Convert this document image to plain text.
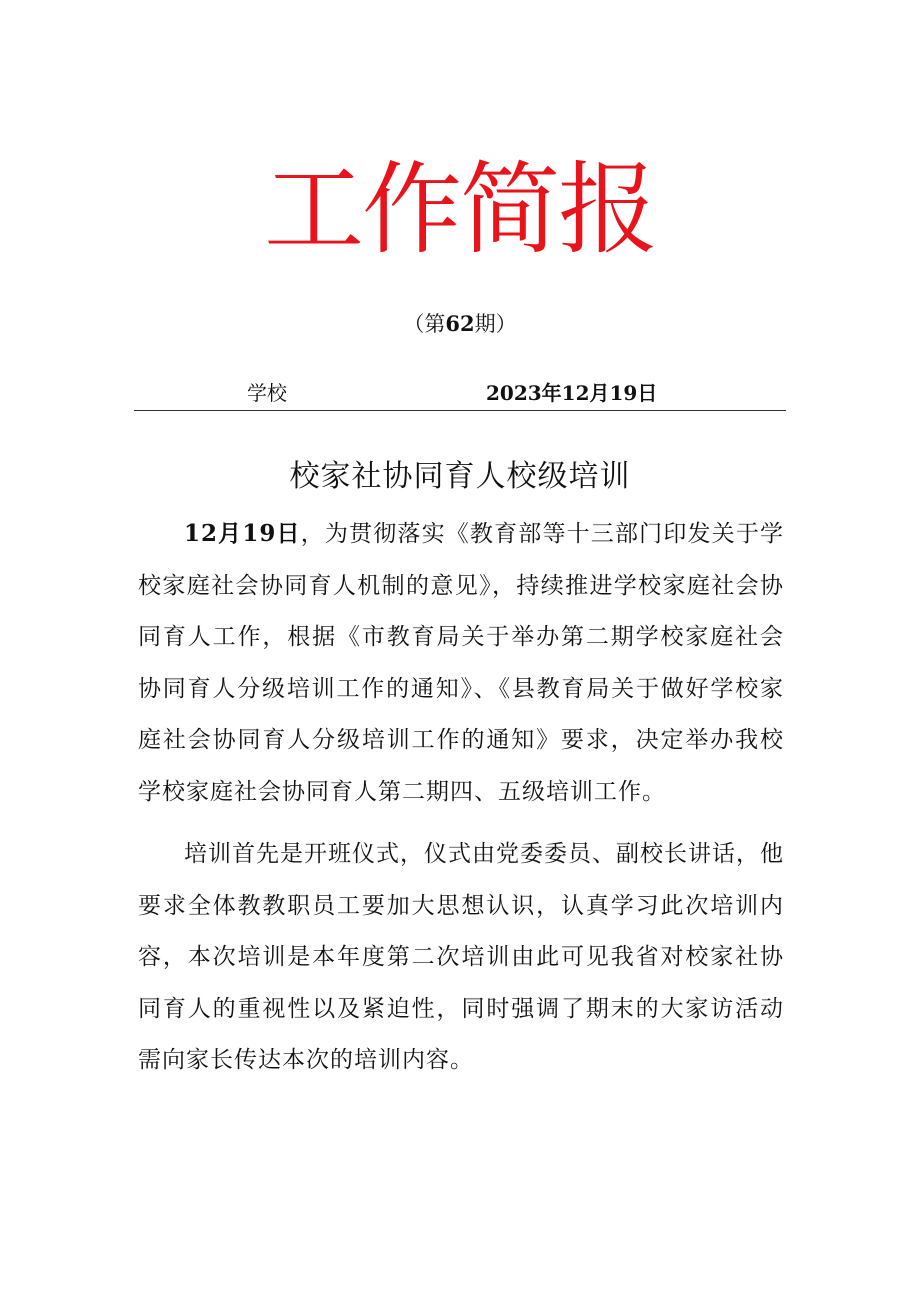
工作简报
（第62期）
学校	2023年12月19日
校家社协同育人校级培训

12月19日，为贯彻落实《教育部等十三部门印发关于学校家庭社会协同育人机制的意见》，持续推进学校家庭社会协同育人工作，根据《市教育局关于举办第二期学校家庭社会协同育人分级培训工作的通知》、《县教育局关于做好学校家庭社会协同育人分级培训工作的通知》要求，决定举办我校学校家庭社会协同育人第二期四、五级培训工作。

培训首先是开班仪式，仪式由党委委员、副校长讲话，他要求全体教教职员工要加大思想认识，认真学习此次培训内容，本次培训是本年度第二次培训由此可见我省对校家社协同育人的重视性以及紧迫性，同时强调了期末的大家访活动需向家长传达本次的培训内容。
